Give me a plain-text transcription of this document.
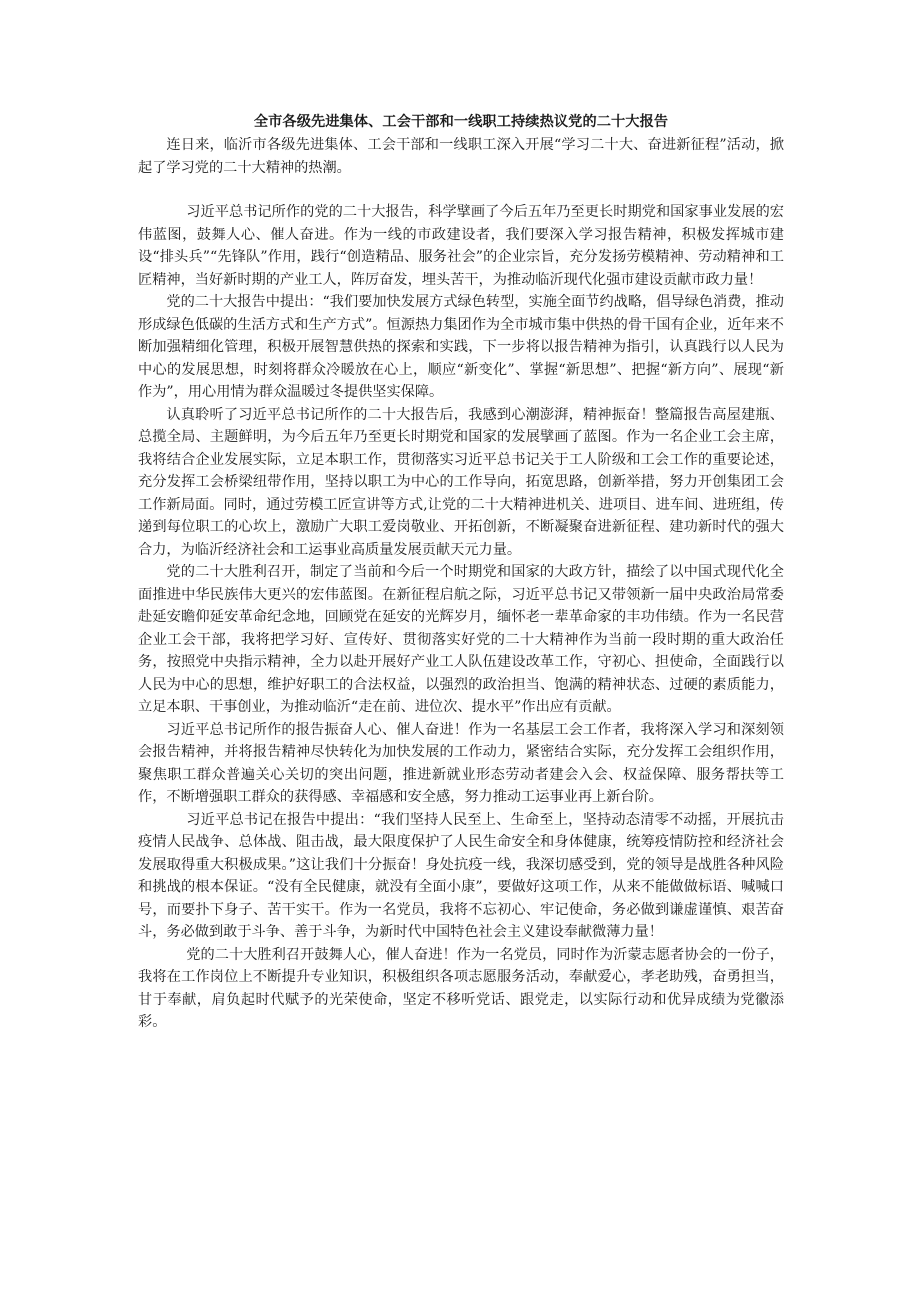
全市各级先进集体、工会干部和一线职工持续热议党的二十大报告

连日来，临沂市各级先进集体、工会干部和一线职工深入开展“学习二十大、奋进新征程”活动，掀起了学习党的二十大精神的热潮。

习近平总书记所作的党的二十大报告，科学擘画了今后五年乃至更长时期党和国家事业发展的宏伟蓝图，鼓舞人心、催人奋进。作为一线的市政建设者，我们要深入学习报告精神，积极发挥城市建设“排头兵”“先锋队”作用，践行“创造精品、服务社会”的企业宗旨，充分发扬劳模精神、劳动精神和工匠精神，当好新时期的产业工人，阵厉奋发，埋头苦干，为推动临沂现代化强市建设贡献市政力量！

党的二十大报告中提出：“我们要加快发展方式绿色转型，实施全面节约战略，倡导绿色消费，推动形成绿色低碳的生活方式和生产方式”。恒源热力集团作为全市城市集中供热的骨干国有企业，近年来不断加强精细化管理，积极开展智慧供热的探索和实践，下一步将以报告精神为指引，认真践行以人民为中心的发展思想，时刻将群众冷暖放在心上，顺应“新变化”、掌握“新思想”、把握“新方向”、展现“新作为”，用心用情为群众温暖过冬提供坚实保障。

认真聆听了习近平总书记所作的二十大报告后，我感到心潮澎湃，精神振奋！整篇报告高屋建瓶、总揽全局、主题鲜明，为今后五年乃至更长时期党和国家的发展擘画了蓝图。作为一名企业工会主席，我将结合企业发展实际，立足本职工作，贯彻落实习近平总书记关于工人阶级和工会工作的重要论述，充分发挥工会桥梁纽带作用，坚持以职工为中心的工作导向，拓宽思路，创新举措，努力开创集团工会工作新局面。同时，通过劳模工匠宣讲等方式,让党的二十大精神进机关、进项目、进车间、进班组，传递到每位职工的心坎上，激励广大职工爱岗敬业、开拓创新，不断凝聚奋进新征程、建功新时代的强大合力，为临沂经济社会和工运事业高质量发展贡献天元力量。

党的二十大胜利召开，制定了当前和今后一个时期党和国家的大政方针，描绘了以中国式现代化全面推进中华民族伟大更兴的宏伟蓝图。在新征程启航之际，习近平总书记又带领新一届中央政治局常委赴延安瞻仰延安革命纪念地，回顾党在延安的光辉岁月，缅怀老一辈革命家的丰功伟绩。作为一名民营企业工会干部，我将把学习好、宣传好、贯彻落实好党的二十大精神作为当前一段时期的重大政治任务，按照党中央指示精神，全力以赴开展好产业工人队伍建设改革工作，守初心、担使命，全面践行以人民为中心的思想，维护好职工的合法权益，以强烈的政治担当、饱满的精神状态、过硬的素质能力，立足本职、干事创业，为推动临沂“走在前、进位次、提水平”作出应有贡献。

习近平总书记所作的报告振奋人心、催人奋进！作为一名基层工会工作者，我将深入学习和深刻领会报告精神，并将报告精神尽快转化为加快发展的工作动力，紧密结合实际，充分发挥工会组织作用，聚焦职工群众普遍关心关切的突出问题，推进新就业形态劳动者建会入会、权益保障、服务帮扶等工作，不断增强职工群众的获得感、幸福感和安全感，努力推动工运事业再上新台阶。

习近平总书记在报告中提出：“我们坚持人民至上、生命至上，坚持动态清零不动摇，开展抗击疫情人民战争、总体战、阻击战，最大限度保护了人民生命安全和身体健康，统筹疫情防控和经济社会发展取得重大积极成果。”这让我们十分振奋！身处抗疫一线，我深切感受到，党的领导是战胜各种风险和挑战的根本保证。“没有全民健康，就没有全面小康”，要做好这项工作，从来不能做做标语、喊喊口号，而要扑下身子、苦干实干。作为一名党员，我将不忘初心、牢记使命，务必做到谦虚谨慎、艰苦奋斗，务必做到敢于斗争、善于斗争，为新时代中国特色社会主义建设奉献微薄力量！

党的二十大胜利召开鼓舞人心，催人奋进！作为一名党员，同时作为沂蒙志愿者协会的一份子，我将在工作岗位上不断提升专业知识，积极组织各项志愿服务活动，奉献爱心，孝老助残，奋勇担当，甘于奉献，肩负起时代赋予的光荣使命，坚定不移听党话、跟党走，以实际行动和优异成绩为党徽添彩。
